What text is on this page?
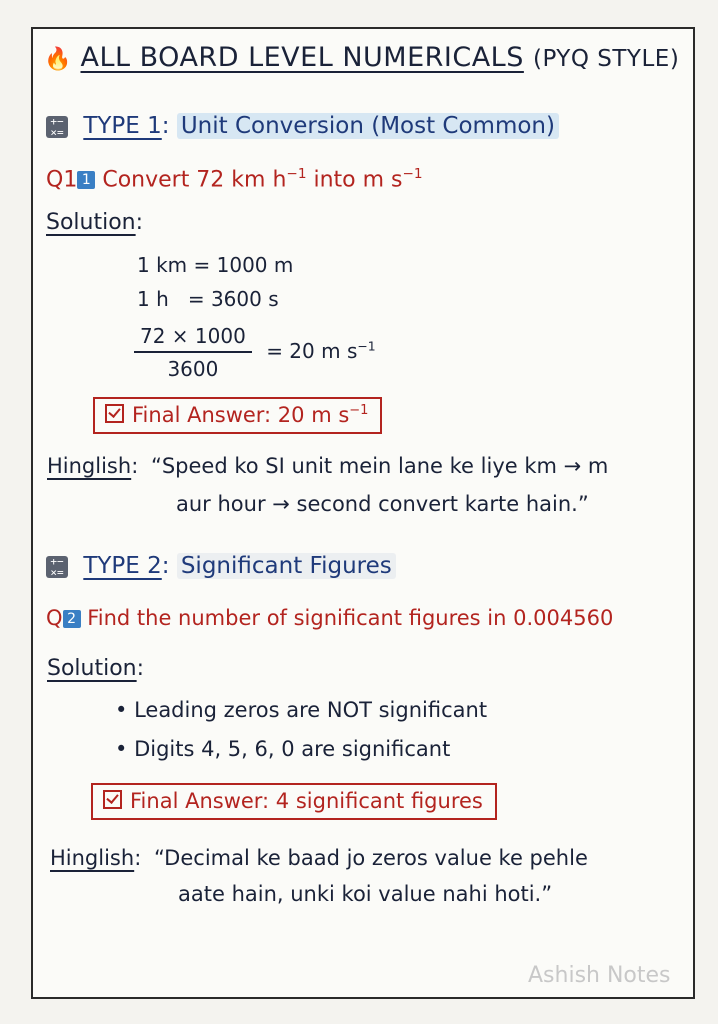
🔥 ALL BOARD LEVEL NUMERICALS (PYQ STYLE)
+−
×= TYPE 1: Unit Conversion (Most Common)
Q1 1 Convert 72 km $h^{-1}$ into m $s^{-1}$
Solution:
1 km = 1000 m
1 h   = 3600 s
$\frac{72 \times 1000}{3600} = 20$ m $s^{-1}$
Final Answer: 20 m $s^{-1}$
Hinglish: “Speed ko SI unit mein lane ke liye km → m
aur hour → second convert karte hain.”
+−
×= TYPE 2: Significant Figures
Q 2 Find the number of significant figures in 0.004560
Solution:
• Leading zeros are NOT significant
• Digits 4, 5, 6, 0 are significant
Final Answer: 4 significant figures
Hinglish: “Decimal ke baad jo zeros value ke pehle
aate hain, unki koi value nahi hoti.”
Ashish Notes
